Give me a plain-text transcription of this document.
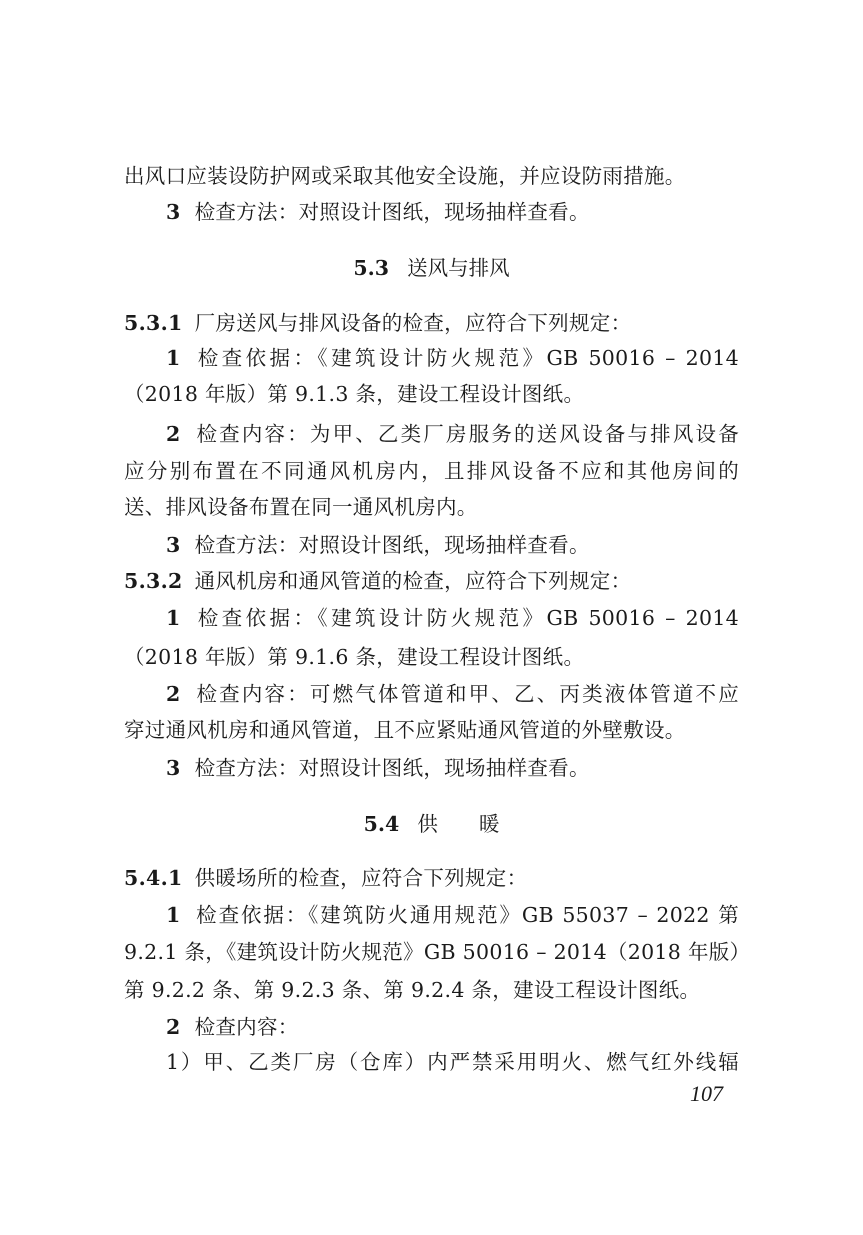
出风口应装设防护网或采取其他安全设施，并应设防雨措施。
3 检查方法：对照设计图纸，现场抽样查看。
5.3 送风与排风
5.3.1 厂房送风与排风设备的检查，应符合下列规定：
1 检查依据：《建筑设计防火规范》GB 50016 – 2014
（2018 年版）第 9.1.3 条，建设工程设计图纸。
2 检查内容：为甲、乙类厂房服务的送风设备与排风设备
应分别布置在不同通风机房内，且排风设备不应和其他房间的
送、排风设备布置在同一通风机房内。
3 检查方法：对照设计图纸，现场抽样查看。
5.3.2 通风机房和通风管道的检查，应符合下列规定：
1 检查依据：《建筑设计防火规范》GB 50016 – 2014
（2018 年版）第 9.1.6 条，建设工程设计图纸。
2 检查内容：可燃气体管道和甲、乙、丙类液体管道不应
穿过通风机房和通风管道，且不应紧贴通风管道的外壁敷设。
3 检查方法：对照设计图纸，现场抽样查看。
5.4 供　　暖
5.4.1 供暖场所的检查，应符合下列规定：
1 检查依据：《建筑防火通用规范》GB 55037 – 2022 第
9.2.1 条，《建筑设计防火规范》GB 50016 – 2014（2018 年版）
第 9.2.2 条、第 9.2.3 条、第 9.2.4 条，建设工程设计图纸。
2 检查内容：
1）甲、乙类厂房（仓库）内严禁采用明火、燃气红外线辐
107
